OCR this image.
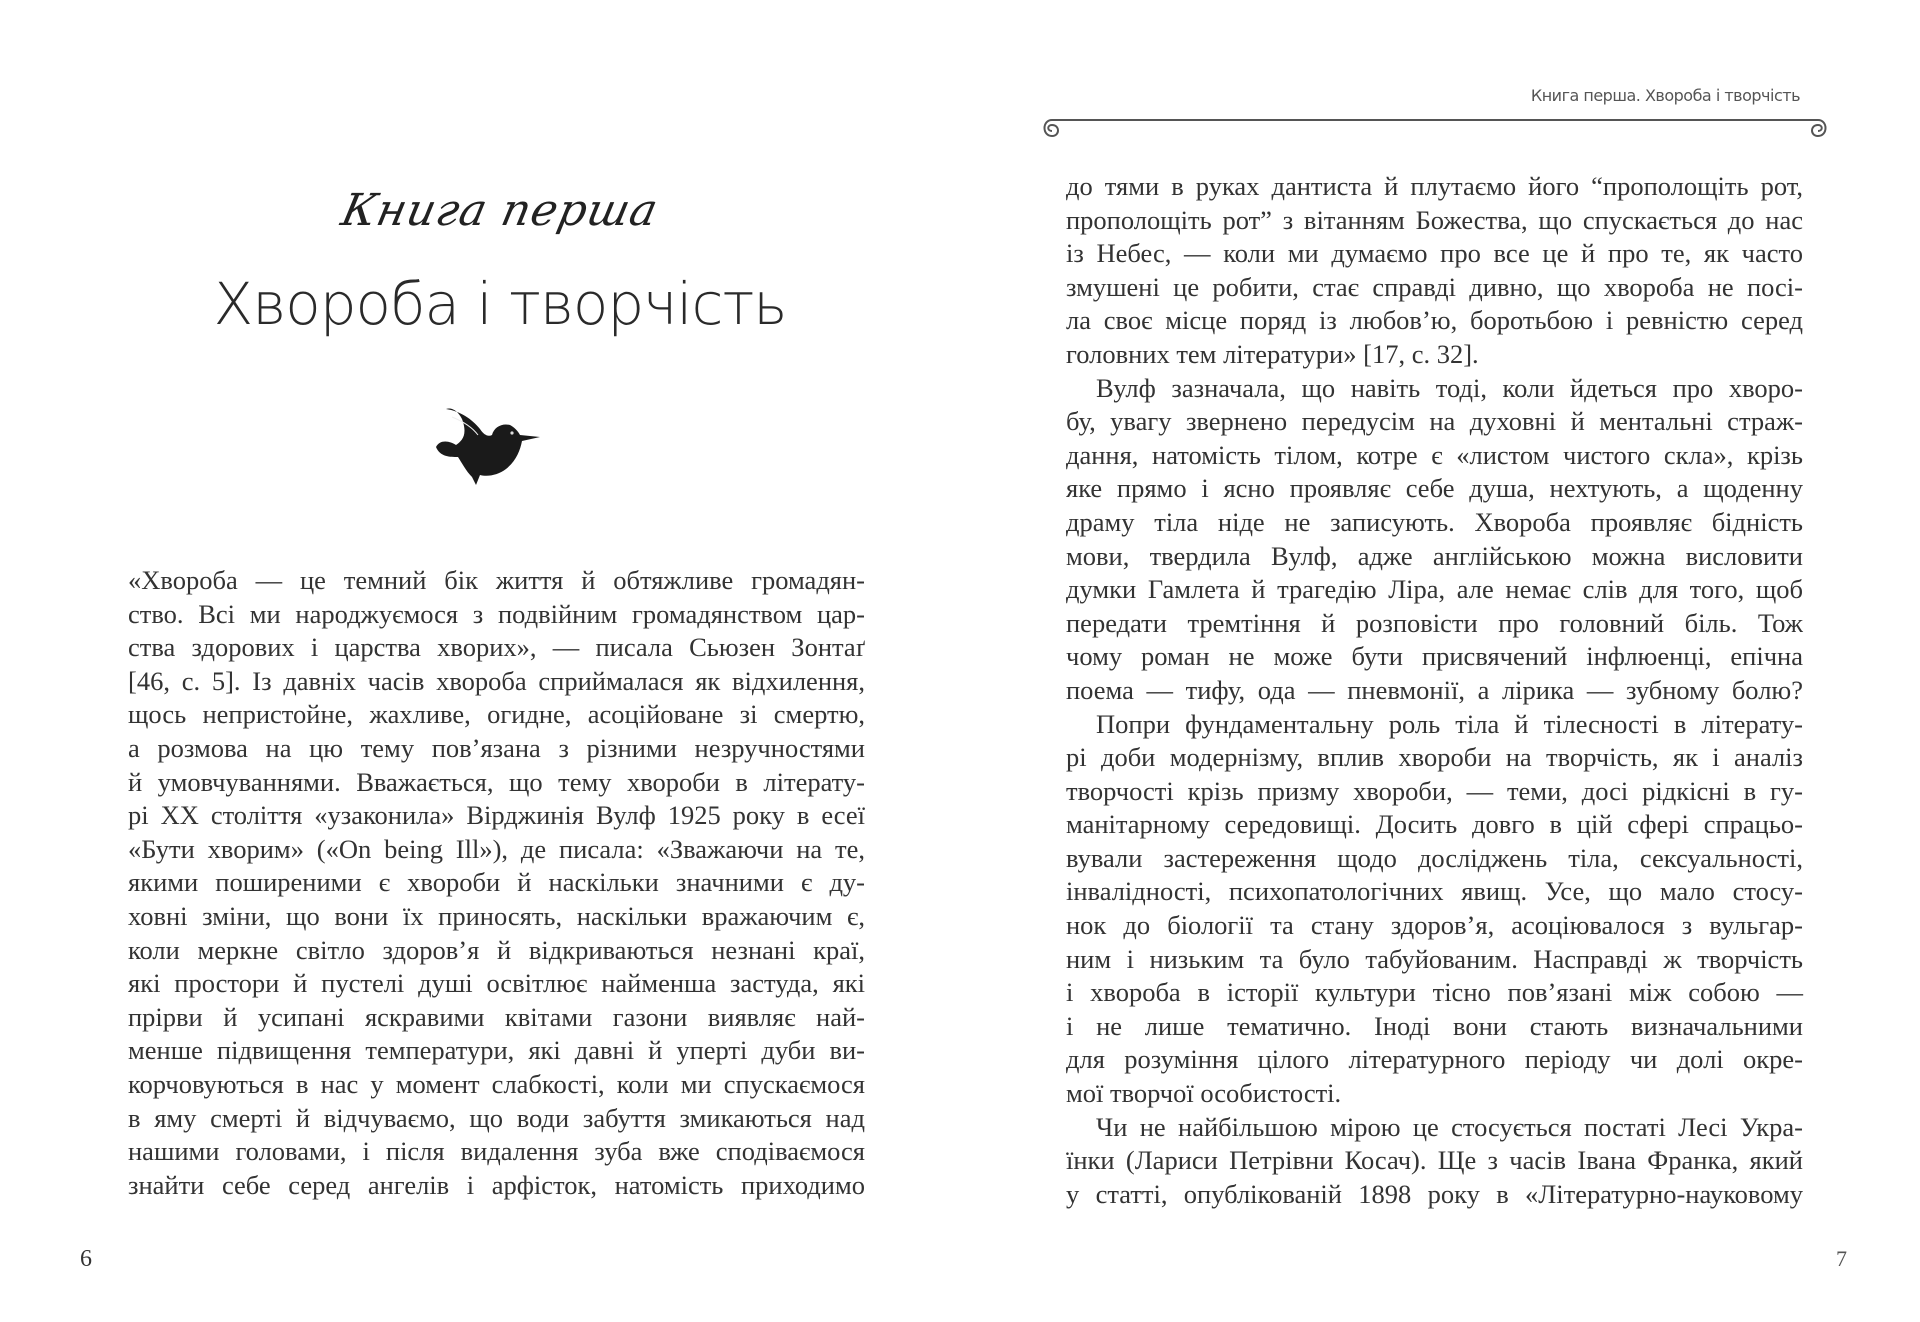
Книга перша
Хвороба і творчість
«Хвороба — це темний бік життя й обтяжливе громадян-
ство. Всі ми народжуємося з подвійним громадянством цар-
ства здорових і царства хворих», — писала Сьюзен Зонтаґ
[46, с. 5]. Із давніх часів хвороба сприймалася як відхилення,
щось непристойне, жахливе, огидне, асоційоване зі смертю,
а розмова на цю тему пов’язана з різними незручностями
й умовчуваннями. Вважається, що тему хвороби в літерату-
рі XX століття «узаконила» Вірджинія Вулф 1925 року в есеї
«Бути хворим» («On being Ill»), де писала: «Зважаючи на те,
якими поширеними є хвороби й наскільки значними є ду-
ховні зміни, що вони їх приносять, наскільки вражаючим є,
коли меркне світло здоров’я й відкриваються незнані краї,
які простори й пустелі душі освітлює найменша застуда, які
прірви й усипані яскравими квітами газони виявляє най-
менше підвищення температури, які давні й уперті дуби ви-
корчовуються в нас у момент слабкості, коли ми спускаємося
в яму смерті й відчуваємо, що води забуття змикаються над
нашими головами, і після видалення зуба вже сподіваємося
знайти себе серед ангелів і арфісток, натомість приходимо
6
Книга перша. Хвороба і творчість
до тями в руках дантиста й плутаємо його “прополощіть рот,
прополощіть рот” з вітанням Божества, що спускається до нас
із Небес, — коли ми думаємо про все це й про те, як часто
змушені це робити, стає справді дивно, що хвороба не посі-
ла своє місце поряд із любов’ю, боротьбою і ревністю серед
головних тем літератури» [17, с. 32].
Вулф зазначала, що навіть тоді, коли йдеться про хворо-
бу, увагу звернено передусім на духовні й ментальні страж-
дання, натомість тілом, котре є «листом чистого скла», крізь
яке прямо і ясно проявляє себе душа, нехтують, а щоденну
драму тіла ніде не записують. Хвороба проявляє бідність
мови, твердила Вулф, адже англійською можна висловити
думки Гамлета й трагедію Ліра, але немає слів для того, щоб
передати тремтіння й розповісти про головний біль. Тож
чому роман не може бути присвячений інфлюенці, епічна
поема — тифу, ода — пневмонії, а лірика — зубному болю?
Попри фундаментальну роль тіла й тілесності в літерату-
рі доби модернізму, вплив хвороби на творчість, як і аналіз
творчості крізь призму хвороби, — теми, досі рідкісні в гу-
манітарному середовищі. Досить довго в цій сфері спрацьо-
вували застереження щодо досліджень тіла, сексуальності,
інвалідності, психопатологічних явищ. Усе, що мало стосу-
нок до біології та стану здоров’я, асоціювалося з вульгар-
ним і низьким та було табуйованим. Насправді ж творчість
і хвороба в історії культури тісно пов’язані між собою —
і не лише тематично. Іноді вони стають визначальними
для розуміння цілого літературного періоду чи долі окре-
мої творчої особистості.
Чи не найбільшою мірою це стосується постаті Лесі Укра-
їнки (Лариси Петрівни Косач). Ще з часів Івана Франка, який
у статті, опублікованій 1898 року в «Літературно-науковому
7
